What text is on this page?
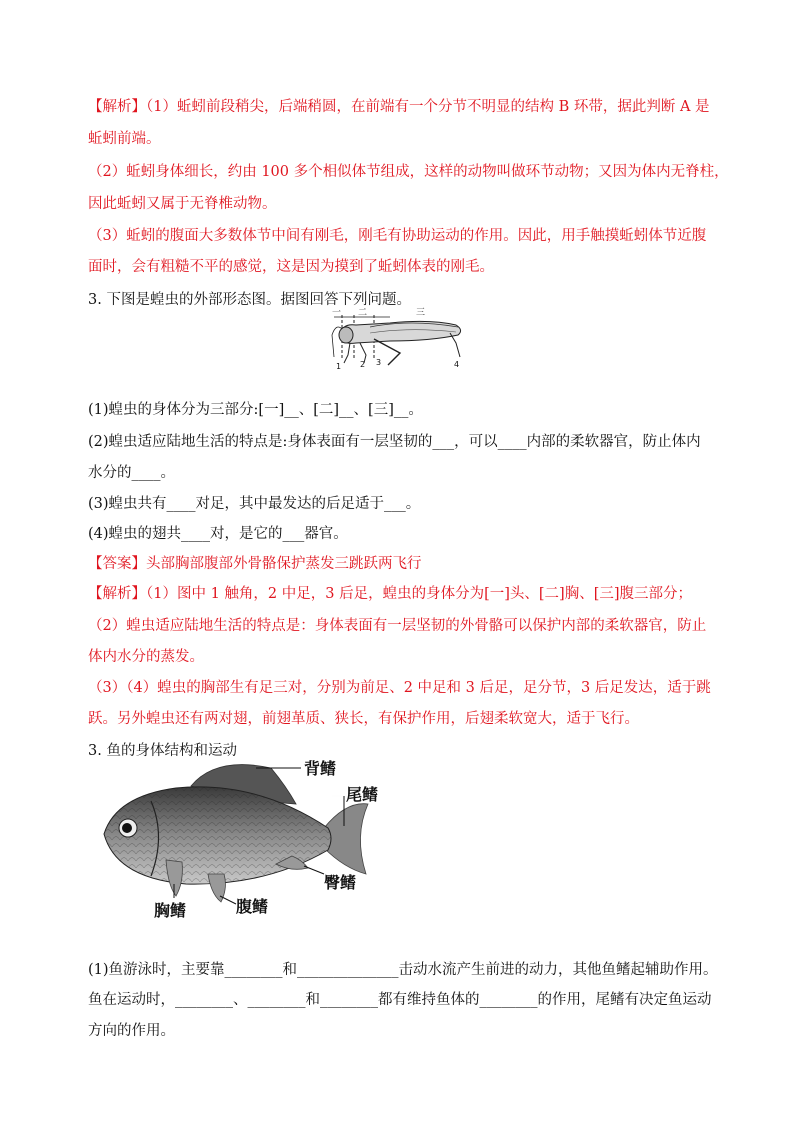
【解析】（1）蚯蚓前段稍尖，后端稍圆，在前端有一个分节不明显的结构 B 环带，据此判断 A 是
蚯蚓前端。
（2）蚯蚓身体细长，约由 100 多个相似体节组成，这样的动物叫做环节动物；又因为体内无脊柱，
因此蚯蚓又属于无脊椎动物。
（3）蚯蚓的腹面大多数体节中间有刚毛，刚毛有协助运动的作用。因此，用手触摸蚯蚓体节近腹
面时，会有粗糙不平的感觉，这是因为摸到了蚯蚓体表的刚毛。
3. 下图是蝗虫的外部形态图。据图回答下列问题。
一 二	三
1 2 3	4
(1)蝗虫的身体分为三部分:[一]__、[二]__、[三]__。
(2)蝗虫适应陆地生活的特点是:身体表面有一层坚韧的___，可以____内部的柔软器官，防止体内
水分的____。
(3)蝗虫共有____对足，其中最发达的后足适于___。
(4)蝗虫的翅共____对，是它的___器官。
【答案】头部胸部腹部外骨骼保护蒸发三跳跃两飞行
【解析】（1）图中 1 触角，2 中足，3 后足，蝗虫的身体分为[一]头、[二]胸、[三]腹三部分；
（2）蝗虫适应陆地生活的特点是：身体表面有一层坚韧的外骨骼可以保护内部的柔软器官，防止
体内水分的蒸发。
（3）（4）蝗虫的胸部生有足三对，分别为前足、2 中足和 3 后足，足分节，3 后足发达，适于跳
跃。另外蝗虫还有两对翅，前翅革质、狭长，有保护作用，后翅柔软宽大，适于飞行。
3. 鱼的身体结构和运动
背鳍
尾鳍
臀鳍
胸鳍	腹鳍
(1)鱼游泳时，主要靠________和______________击动水流产生前进的动力，其他鱼鳍起辅助作用。
鱼在运动时，________、________和________都有维持鱼体的________的作用，尾鳍有决定鱼运动
方向的作用。
